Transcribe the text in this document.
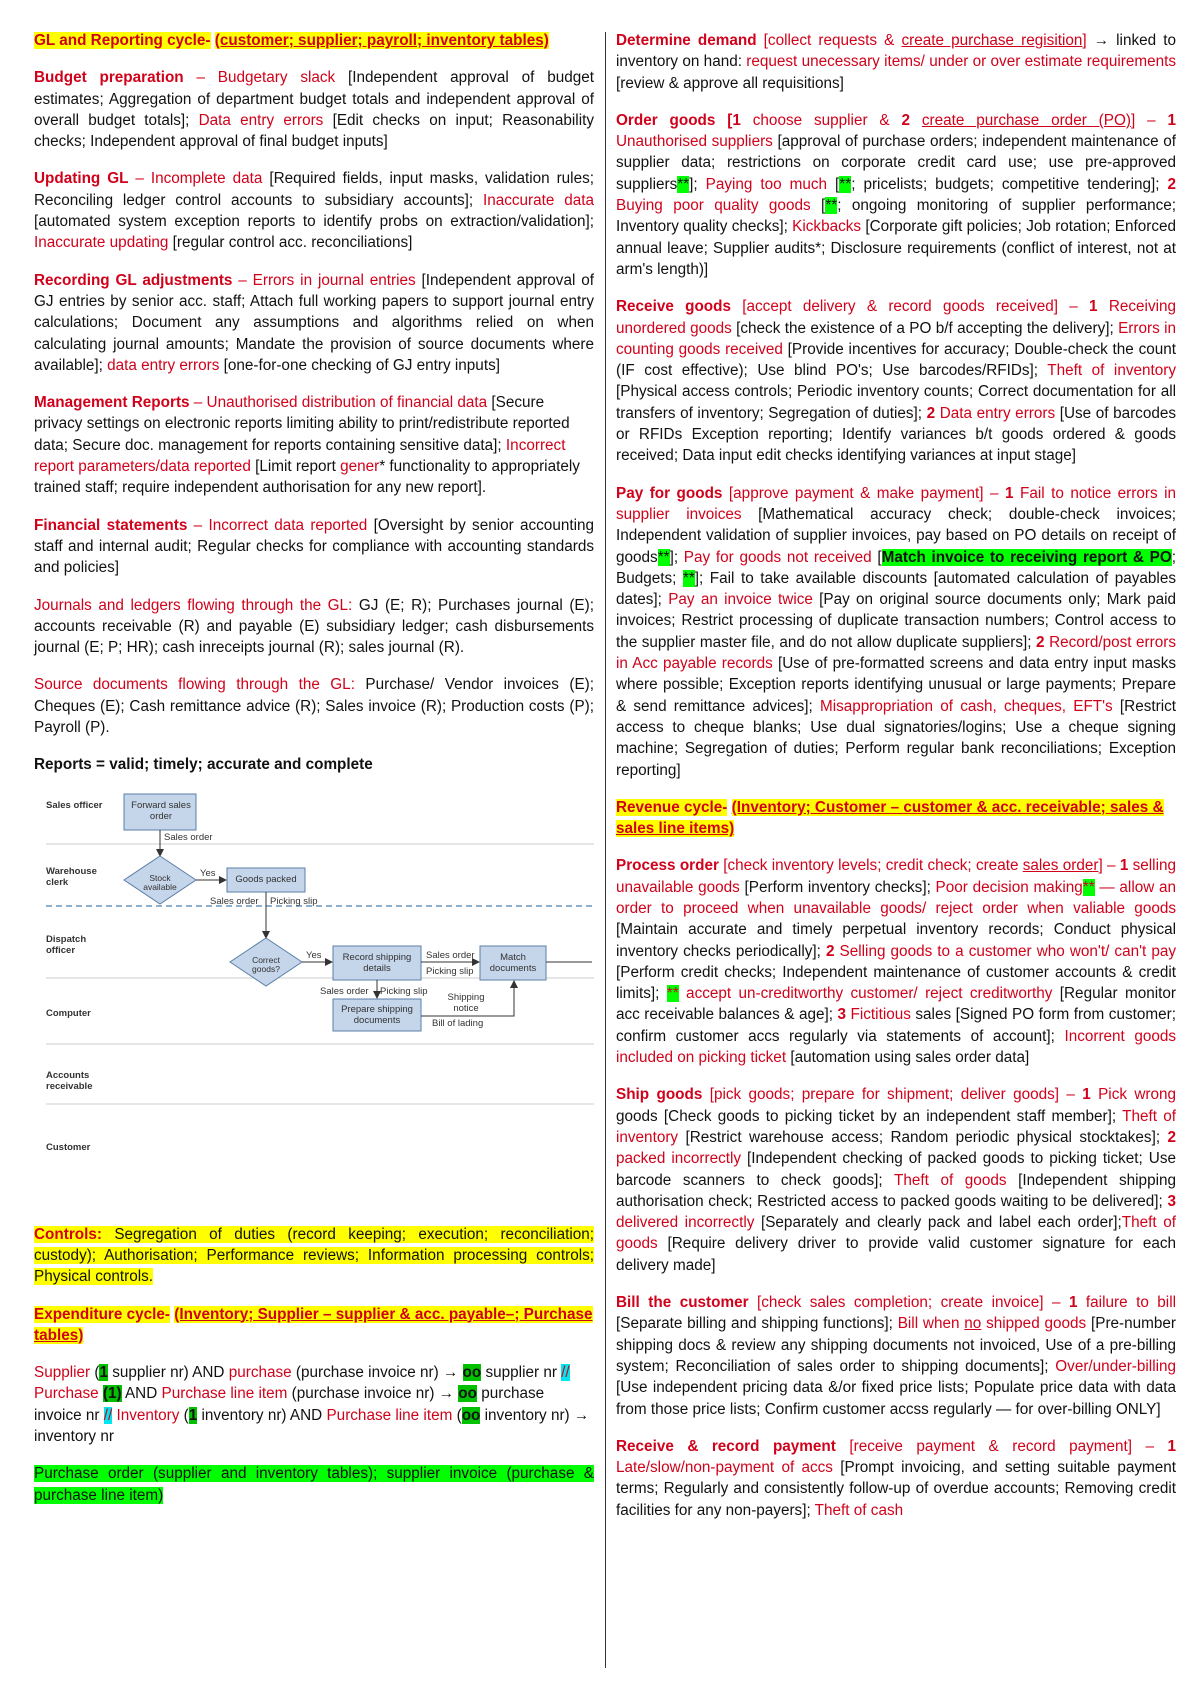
GL and Reporting cycle- (customer; supplier; payroll; inventory tables)

Budget preparation – Budgetary slack [Independent approval of budget estimates; Aggregation of department budget totals and independent approval of overall budget totals]; Data entry errors [Edit checks on input; Reasonability checks; Independent approval of final budget inputs]

Updating GL – Incomplete data [Required fields, input masks, validation rules; Reconciling ledger control accounts to subsidiary accounts]; Inaccurate data [automated system exception reports to identify probs on extraction/validation]; Inaccurate updating [regular control acc. reconciliations]

Recording GL adjustments – Errors in journal entries [Independent approval of GJ entries by senior acc. staff; Attach full working papers to support journal entry calculations; Document any assumptions and algorithms relied on when calculating journal amounts; Mandate the provision of source documents where available]; data entry errors [one-for-one checking of GJ entry inputs]

Management Reports – Unauthorised distribution of financial data [Secure privacy settings on electronic reports limiting ability to print/redistribute reported data; Secure doc. management for reports containing sensitive data]; Incorrect report parameters/data reported [Limit report gener* functionality to appropriately trained staff; require independent authorisation for any new report].

Financial statements – Incorrect data reported [Oversight by senior accounting staff and internal audit; Regular checks for compliance with accounting standards and policies]

Journals and ledgers flowing through the GL: GJ (E; R); Purchases journal (E); accounts receivable (R) and payable (E) subsidiary ledger; cash disbursements journal (E; P; HR); cash inreceipts journal (R); sales journal (R).

Source documents flowing through the GL: Purchase/ Vendor invoices (E); Cheques (E); Cash remittance advice (R); Sales invoice (R); Production costs (P); Payroll (P).

Reports = valid; timely; accurate and complete

Sales officer
Warehouse clerk
Dispatch officer
Computer
Accounts receivable
Customer
Forward sales order
Stock available
Goods packed
Correct goods?
Record shipping details
Match documents
Prepare shipping documents
Sales order
Yes
Sales order Picking slip
Yes	Sales order
Picking slip
Sales order Picking slip
Shipping notice
Bill of lading

Controls: Segregation of duties (record keeping; execution; reconciliation; custody); Authorisation; Performance reviews; Information processing controls; Physical controls.

Expenditure cycle- (Inventory; Supplier – supplier & acc. payable–; Purchase tables)

Supplier (1 supplier nr) AND purchase (purchase invoice nr) → oo supplier nr // Purchase (1) AND Purchase line item (purchase invoice nr) → oo purchase invoice nr // Inventory (1 inventory nr) AND Purchase line item (oo inventory nr) → inventory nr

Purchase order (supplier and inventory tables); supplier invoice (purchase & purchase line item)

Determine demand [collect requests & create purchase regisition] → linked to inventory on hand: request unecessary items/ under or over estimate requirements [review & approve all requisitions]

Order goods [1 choose supplier & 2 create purchase order (PO)] – 1 Unauthorised suppliers [approval of purchase orders; independent maintenance of supplier data; restrictions on corporate credit card use; use pre-approved suppliers**]; Paying too much [**; pricelists; budgets; competitive tendering]; 2 Buying poor quality goods [**; ongoing monitoring of supplier performance; Inventory quality checks]; Kickbacks [Corporate gift policies; Job rotation; Enforced annual leave; Supplier audits*; Disclosure requirements (conflict of interest, not at arm's length)]

Receive goods [accept delivery & record goods received] – 1 Receiving unordered goods [check the existence of a PO b/f accepting the delivery]; Errors in counting goods received [Provide incentives for accuracy; Double-check the count (IF cost effective); Use blind PO's; Use barcodes/RFIDs]; Theft of inventory [Physical access controls; Periodic inventory counts; Correct documentation for all transfers of inventory; Segregation of duties]; 2 Data entry errors [Use of barcodes or RFIDs Exception reporting; Identify variances b/t goods ordered & goods received; Data input edit checks identifying variances at input stage]

Pay for goods [approve payment & make payment] – 1 Fail to notice errors in supplier invoices [Mathematical accuracy check; double-check invoices; Independent validation of supplier invoices, pay based on PO details on receipt of goods**]; Pay for goods not received [Match invoice to receiving report & PO; Budgets; **]; Fail to take available discounts [automated calculation of payables dates]; Pay an invoice twice [Pay on original source documents only; Mark paid invoices; Restrict processing of duplicate transaction numbers; Control access to the supplier master file, and do not allow duplicate suppliers]; 2 Record/post errors in Acc payable records [Use of pre-formatted screens and data entry input masks where possible; Exception reports identifying unusual or large payments; Prepare & send remittance advices]; Misappropriation of cash, cheques, EFT's [Restrict access to cheque blanks; Use dual signatories/logins; Use a cheque signing machine; Segregation of duties; Perform regular bank reconciliations; Exception reporting]

Revenue cycle- (Inventory; Customer – customer & acc. receivable; sales & sales line items)

Process order [check inventory levels; credit check; create sales order] – 1 selling unavailable goods [Perform inventory checks]; Poor decision making** — allow an order to proceed when unavailable goods/ reject order when valiable goods [Maintain accurate and timely perpetual inventory records; Conduct physical inventory checks periodically]; 2 Selling goods to a customer who won't/ can't pay [Perform credit checks; Independent maintenance of customer accounts & credit limits]; ** accept un-creditworthy customer/ reject creditworthy [Regular monitor acc receivable balances & age]; 3 Fictitious sales [Signed PO form from customer; confirm customer accs regularly via statements of account]; Incorrent goods included on picking ticket [automation using sales order data]

Ship goods [pick goods; prepare for shipment; deliver goods] – 1 Pick wrong goods [Check goods to picking ticket by an independent staff member]; Theft of inventory [Restrict warehouse access; Random periodic physical stocktakes]; 2 packed incorrectly [Independent checking of packed goods to picking ticket; Use barcode scanners to check goods]; Theft of goods [Independent shipping authorisation check; Restricted access to packed goods waiting to be delivered]; 3 delivered incorrectly [Separately and clearly pack and label each order];Theft of goods [Require delivery driver to provide valid customer signature for each delivery made]

Bill the customer [check sales completion; create invoice] – 1 failure to bill [Separate billing and shipping functions]; Bill when no shipped goods [Pre-number shipping docs & review any shipping documents not invoiced, Use of a pre-billing system; Reconciliation of sales order to shipping documents]; Over/under-billing [Use independent pricing data &/or fixed price lists; Populate price data with data from those price lists; Confirm customer accss regularly — for over-billing ONLY]

Receive & record payment [receive payment & record payment] – 1 Late/slow/non-payment of accs [Prompt invoicing, and setting suitable payment terms; Regularly and consistently follow-up of overdue accounts; Removing credit facilities for any non-payers]; Theft of cash
